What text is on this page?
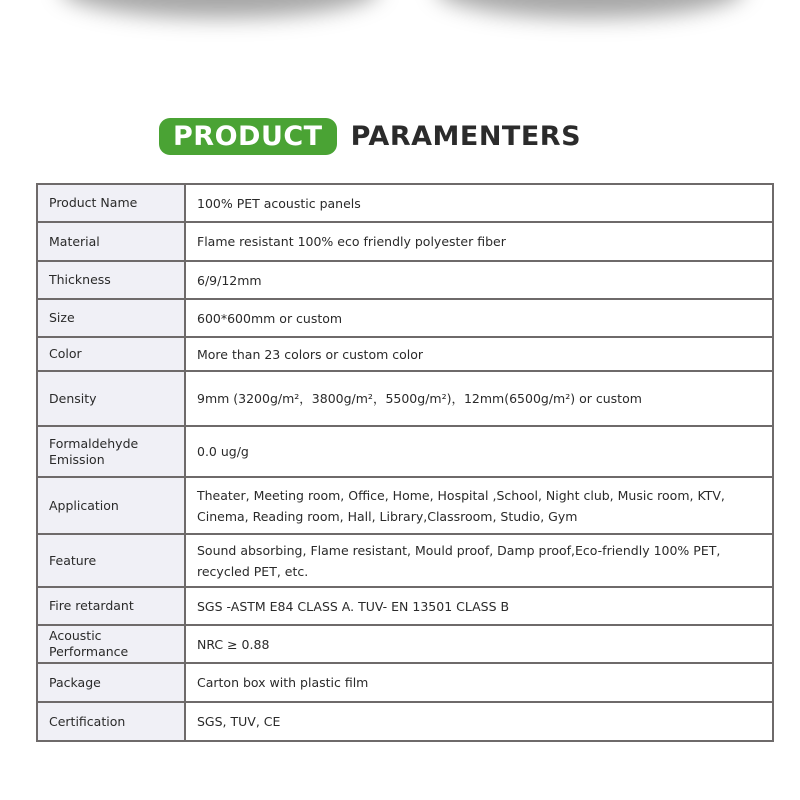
PRODUCT	PARAMENTERS
Product Name	100% PET acoustic panels
Material	Flame resistant 100% eco friendly polyester fiber
Thickness	6/9/12mm
Size	600*600mm or custom
Color	More than 23 colors or custom color
Density	9mm (3200g/m²，3800g/m²，5500g/m²)，12mm(6500g/m²) or custom
Formaldehyde Emission	0.0 ug/g
Application	Theater, Meeting room, Office, Home, Hospital ,School, Night club, Music room, KTV, Cinema, Reading room, Hall, Library,Classroom, Studio, Gym
Feature	Sound absorbing, Flame resistant, Mould proof, Damp proof,Eco-friendly 100% PET, recycled PET, etc.
Fire retardant	SGS -ASTM E84 CLASS A. TUV- EN 13501 CLASS B
Acoustic Performance	NRC ≥ 0.88
Package	Carton box with plastic film
Certification	SGS, TUV, CE
